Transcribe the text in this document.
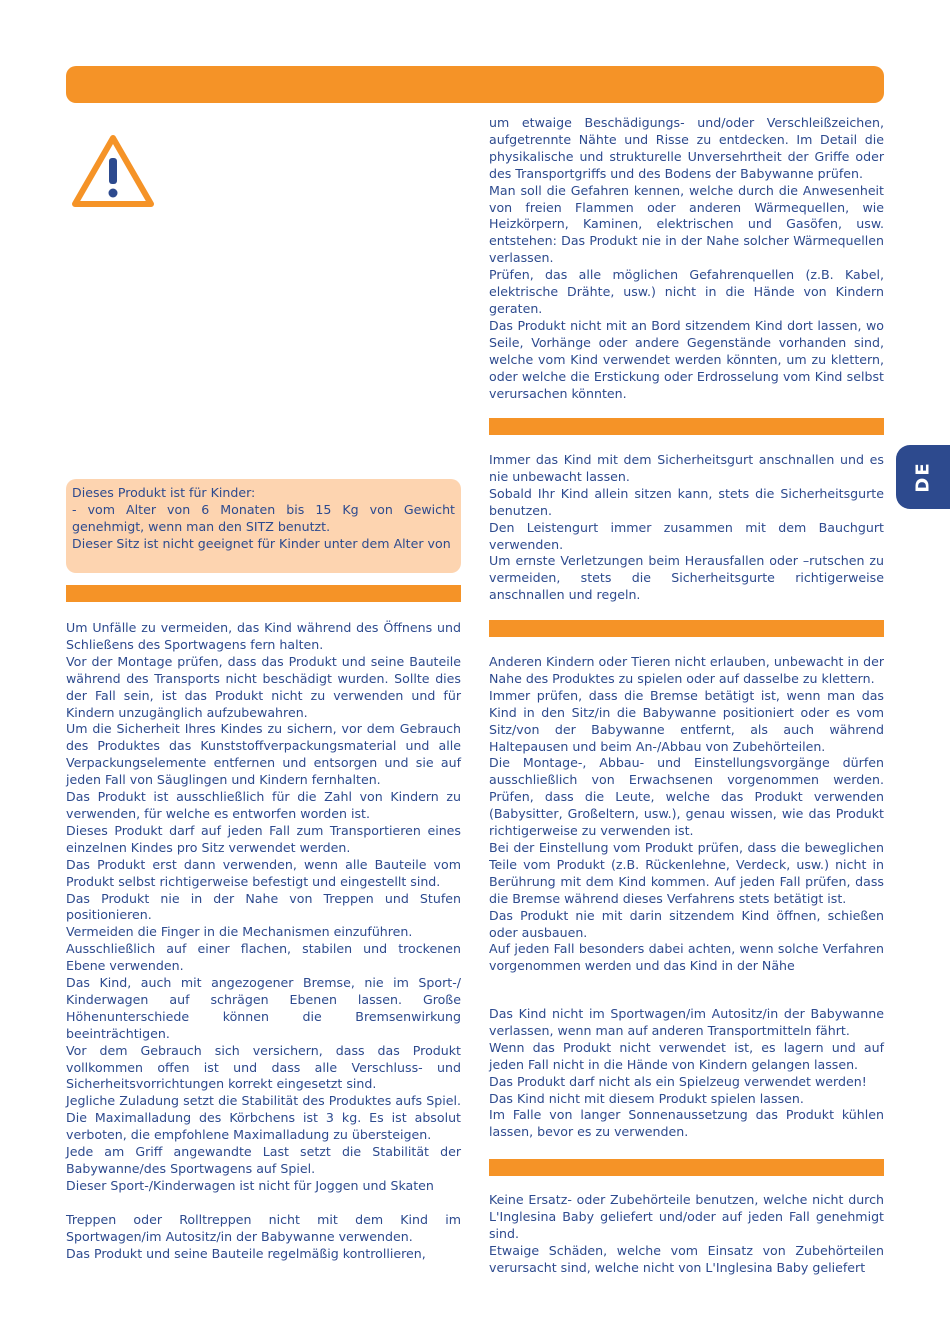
Dieses Produkt ist für Kinder:

- vom Alter von 6 Monaten bis 15 Kg von Gewicht genehmigt, wenn man den SITZ benutzt.

Dieser Sitz ist nicht geeignet für Kinder unter dem Alter von

Um Unfälle zu vermeiden, das Kind während des Öffnens und Schließens des Sportwagens fern halten.

Vor der Montage prüfen, dass das Produkt und seine Bauteile während des Transports nicht beschädigt wurden. Sollte dies der Fall sein, ist das Produkt nicht zu verwenden und für Kindern unzugänglich aufzubewahren.

Um die Sicherheit Ihres Kindes zu sichern, vor dem Gebrauch des Produktes das Kunststoffverpackungsmaterial und alle Verpackungselemente entfernen und entsorgen und sie auf jeden Fall von Säuglingen und Kindern fernhalten.

Das Produkt ist ausschließlich für die Zahl von Kindern zu verwenden, für welche es entworfen worden ist.

Dieses Produkt darf auf jeden Fall zum Transportieren eines einzelnen Kindes pro Sitz verwendet werden.

Das Produkt erst dann verwenden, wenn alle Bauteile vom Produkt selbst richtigerweise befestigt und eingestellt sind.

Das Produkt nie in der Nahe von Treppen und Stufen positionieren.

Vermeiden die Finger in die Mechanismen einzuführen.

Ausschließlich auf einer flachen, stabilen und trockenen Ebene verwenden.

Das Kind, auch mit angezogener Bremse, nie im Sport-/ Kinderwagen auf schrägen Ebenen lassen. Große Höhenunterschiede können die Bremsenwirkung beeinträchtigen.

Vor dem Gebrauch sich versichern, dass das Produkt vollkommen offen ist und dass alle Verschluss- und Sicherheitsvorrichtungen korrekt eingesetzt sind.

Jegliche Zuladung setzt die Stabilität des Produktes aufs Spiel. Die Maximalladung des Körbchens ist 3 kg. Es ist absolut verboten, die empfohlene Maximalladung zu übersteigen.

Jede am Griff angewandte Last setzt die Stabilität der Babywanne/des Sportwagens auf Spiel.

Dieser Sport-/Kinderwagen ist nicht für Joggen und Skaten

Treppen oder Rolltreppen nicht mit dem Kind im Sportwagen/im Autositz/in der Babywanne verwenden.

Das Produkt und seine Bauteile regelmäßig kontrollieren,

um etwaige Beschädigungs- und/oder Verschleißzeichen, aufgetrennte Nähte und Risse zu entdecken. Im Detail die physikalische und strukturelle Unversehrtheit der Griffe oder des Transportgriffs und des Bodens der Babywanne prüfen.

Man soll die Gefahren kennen, welche durch die Anwesenheit von freien Flammen oder anderen Wärmequellen, wie Heizkörpern, Kaminen, elektrischen und Gasöfen, usw. entstehen: Das Produkt nie in der Nahe solcher Wärmequellen verlassen.

Prüfen, das alle möglichen Gefahrenquellen (z.B. Kabel, elektrische Drähte, usw.) nicht in die Hände von Kindern geraten.

Das Produkt nicht mit an Bord sitzendem Kind dort lassen, wo Seile, Vorhänge oder andere Gegenstände vorhanden sind, welche vom Kind verwendet werden könnten, um zu klettern, oder welche die Erstickung oder Erdrosselung vom Kind selbst verursachen könnten.

Immer das Kind mit dem Sicherheitsgurt anschnallen und es nie unbewacht lassen.

Sobald Ihr Kind allein sitzen kann, stets die Sicherheitsgurte benutzen.

Den Leistengurt immer zusammen mit dem Bauchgurt verwenden.

Um ernste Verletzungen beim Herausfallen oder –rutschen zu vermeiden, stets die Sicherheitsgurte richtigerweise anschnallen und regeln.

Anderen Kindern oder Tieren nicht erlauben, unbewacht in der Nahe des Produktes zu spielen oder auf dasselbe zu klettern.

Immer prüfen, dass die Bremse betätigt ist, wenn man das Kind in den Sitz/in die Babywanne positioniert oder es vom Sitz/von der Babywanne entfernt, als auch während Haltepausen und beim An-/Abbau von Zubehörteilen.

Die Montage-, Abbau- und Einstellungsvorgänge dürfen ausschließlich von Erwachsenen vorgenommen werden. Prüfen, dass die Leute, welche das Produkt verwenden (Babysitter, Großeltern, usw.), genau wissen, wie das Produkt richtigerweise zu verwenden ist.

Bei der Einstellung vom Produkt prüfen, dass die beweglichen Teile vom Produkt (z.B. Rückenlehne, Verdeck, usw.) nicht in Berührung mit dem Kind kommen. Auf jeden Fall prüfen, dass die Bremse während dieses Verfahrens stets betätigt ist.

Das Produkt nie mit darin sitzendem Kind öffnen, schießen oder ausbauen.

Auf jeden Fall besonders dabei achten, wenn solche Verfahren vorgenommen werden und das Kind in der Nähe

Das Kind nicht im Sportwagen/im Autositz/in der Babywanne verlassen, wenn man auf anderen Transportmitteln fährt.

Wenn das Produkt nicht verwendet ist, es lagern und auf jeden Fall nicht in die Hände von Kindern gelangen lassen.

Das Produkt darf nicht als ein Spielzeug verwendet werden!

Das Kind nicht mit diesem Produkt spielen lassen.

Im Falle von langer Sonnenaussetzung das Produkt kühlen lassen, bevor es zu verwenden.

Keine Ersatz- oder Zubehörteile benutzen, welche nicht durch L'Inglesina Baby geliefert und/oder auf jeden Fall genehmigt sind.

Etwaige Schäden, welche vom Einsatz von Zubehörteilen verursacht sind, welche nicht von L'Inglesina Baby geliefert

DE
